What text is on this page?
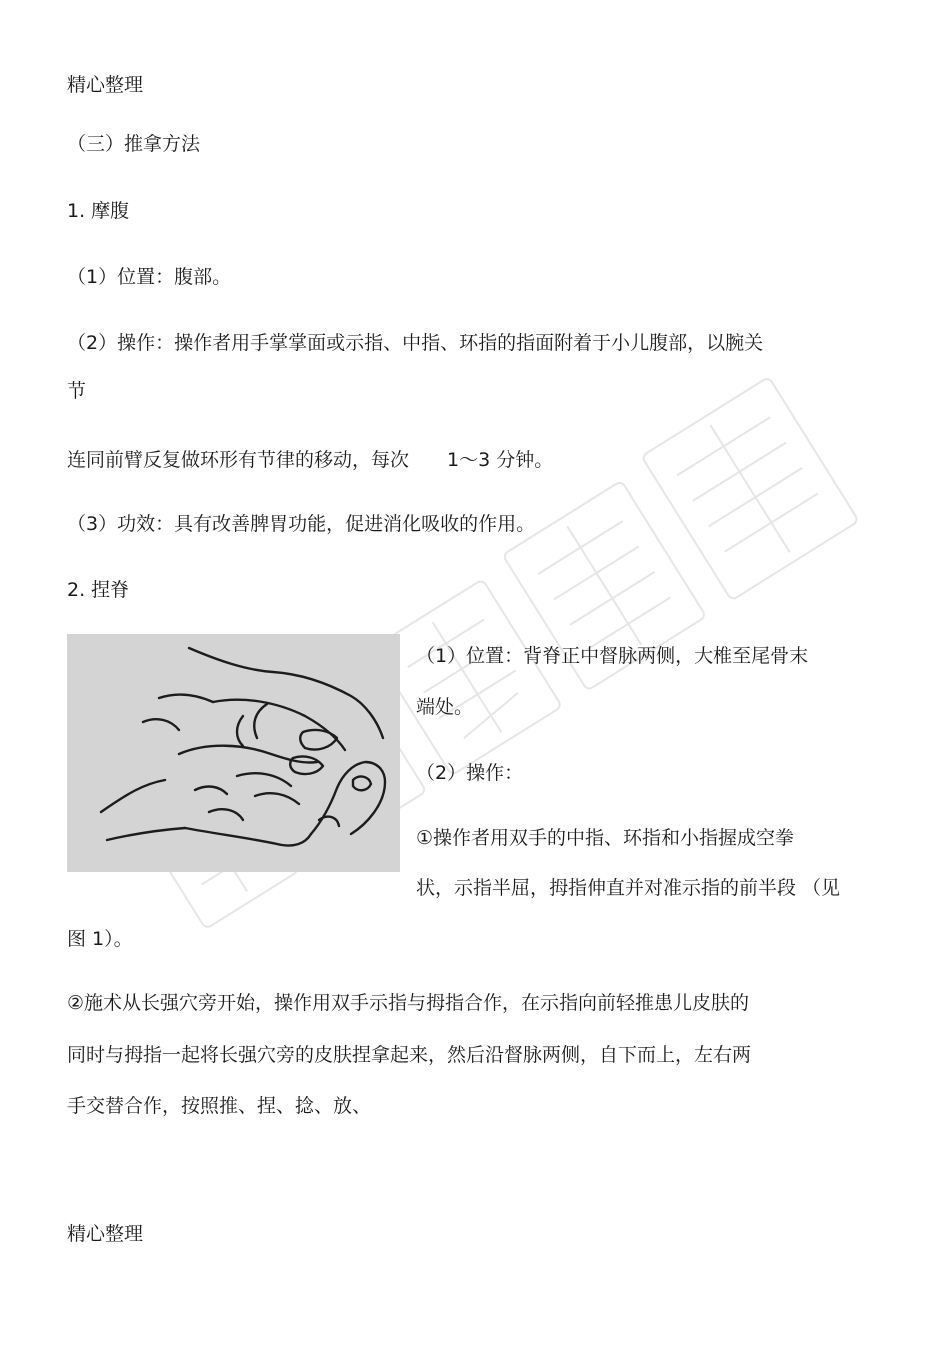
精心整理
（三）推拿方法
1. 摩腹
（1）位置：腹部。
（2）操作：操作者用手掌掌面或示指、中指、环指的指面附着于小儿腹部，以腕关
节
连同前臂反复做环形有节律的移动，每次 1～3 分钟。
（3）功效：具有改善脾胃功能，促进消化吸收的作用。
2. 捏脊
（1）位置：背脊正中督脉两侧，大椎至尾骨末
端处。
（2）操作：
①操作者用双手的中指、环指和小指握成空拳
状，示指半屈，拇指伸直并对准示指的前半段 （见
图 1）。
②施术从长强穴旁开始，操作用双手示指与拇指合作，在示指向前轻推患儿皮肤的
同时与拇指一起将长强穴旁的皮肤捏拿起来，然后沿督脉两侧，自下而上，左右两
手交替合作，按照推、捏、捻、放、
精心整理
